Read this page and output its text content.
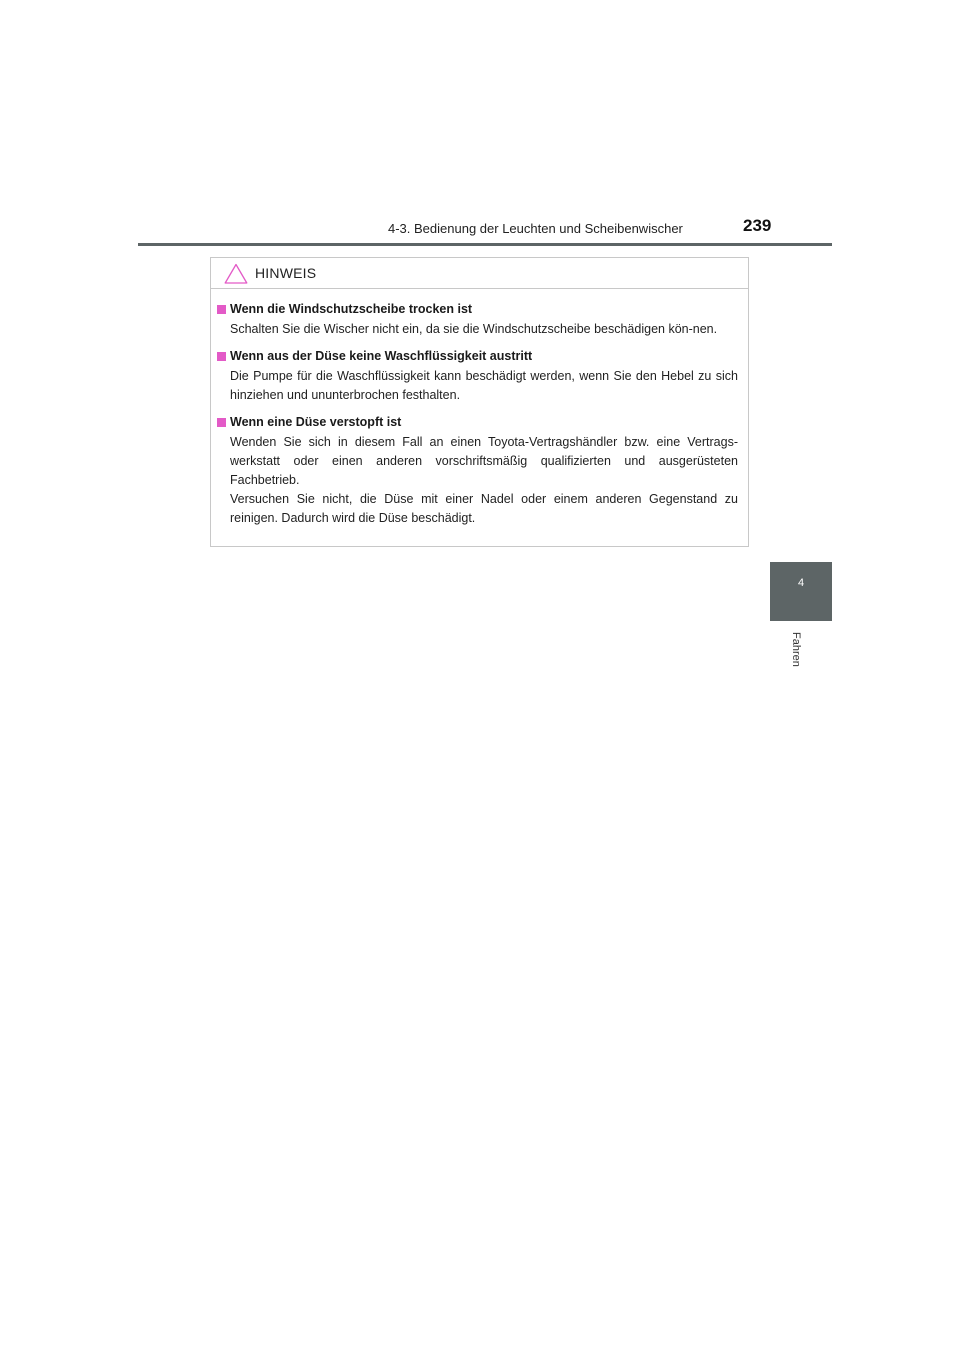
4-3. Bedienung der Leuchten und Scheibenwischer	239
HINWEIS
Wenn die Windschutzscheibe trocken ist

Schalten Sie die Wischer nicht ein, da sie die Windschutzscheibe beschädigen kön-nen.

Wenn aus der Düse keine Waschflüssigkeit austritt

Die Pumpe für die Waschflüssigkeit kann beschädigt werden, wenn Sie den Hebel zu sich hinziehen und ununterbrochen festhalten.

Wenn eine Düse verstopft ist

Wenden Sie sich in diesem Fall an einen Toyota-Vertragshändler bzw. eine Vertrags-werkstatt oder einen anderen vorschriftsmäßig qualifizierten und ausgerüsteten Fachbetrieb.

Versuchen Sie nicht, die Düse mit einer Nadel oder einem anderen Gegenstand zu reinigen. Dadurch wird die Düse beschädigt.

4
Fahren
